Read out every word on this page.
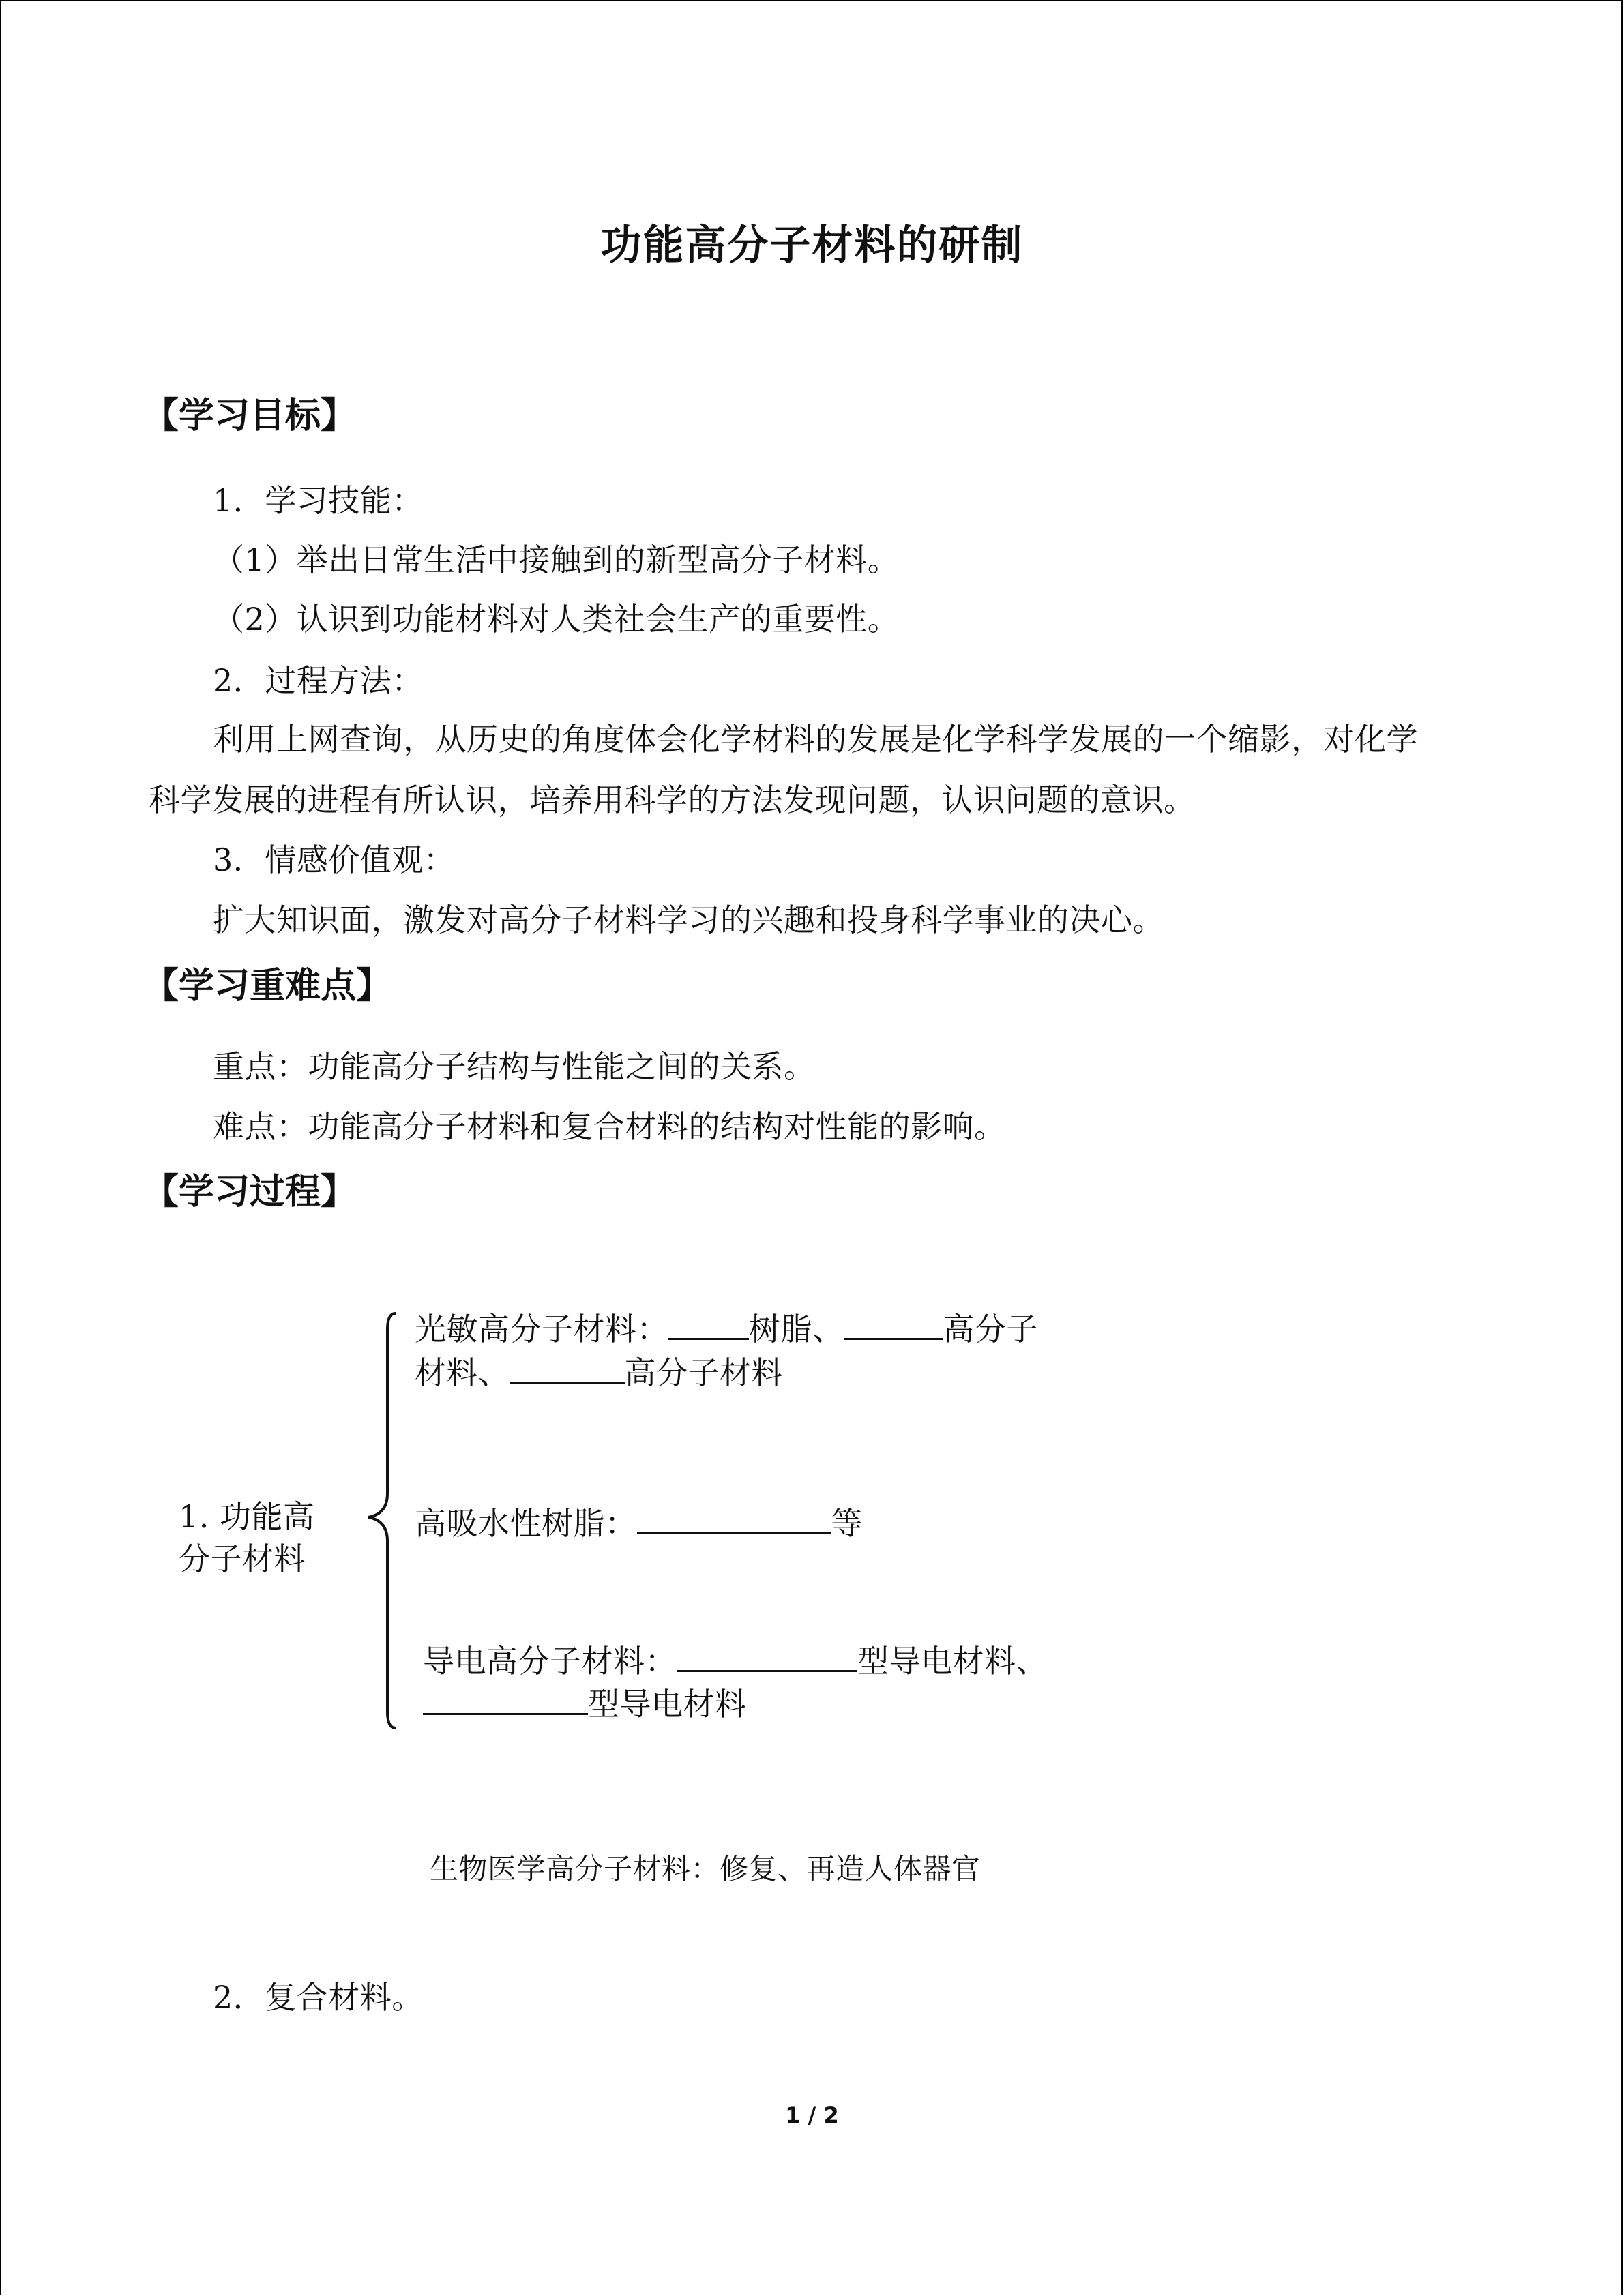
功能高分子材料的研制
【学习目标】
1．学习技能：
（1）举出日常生活中接触到的新型高分子材料。
（2）认识到功能材料对人类社会生产的重要性。
2．过程方法：
利用上网查询，从历史的角度体会化学材料的发展是化学科学发展的一个缩影，对化学
科学发展的进程有所认识，培养用科学的方法发现问题，认识问题的意识。
3．情感价值观：
扩大知识面，激发对高分子材料学习的兴趣和投身科学事业的决心。
【学习重难点】
重点：功能高分子结构与性能之间的关系。
难点：功能高分子材料和复合材料的结构对性能的影响。
【学习过程】
1. 功能高
分子材料
光敏高分子材料：	树脂、	高分子
材料、	高分子材料
高吸水性树脂：	等
导电高分子材料：	型导电材料、
型导电材料
生物医学高分子材料：修复、再造人体器官
2．复合材料。
1 / 2
